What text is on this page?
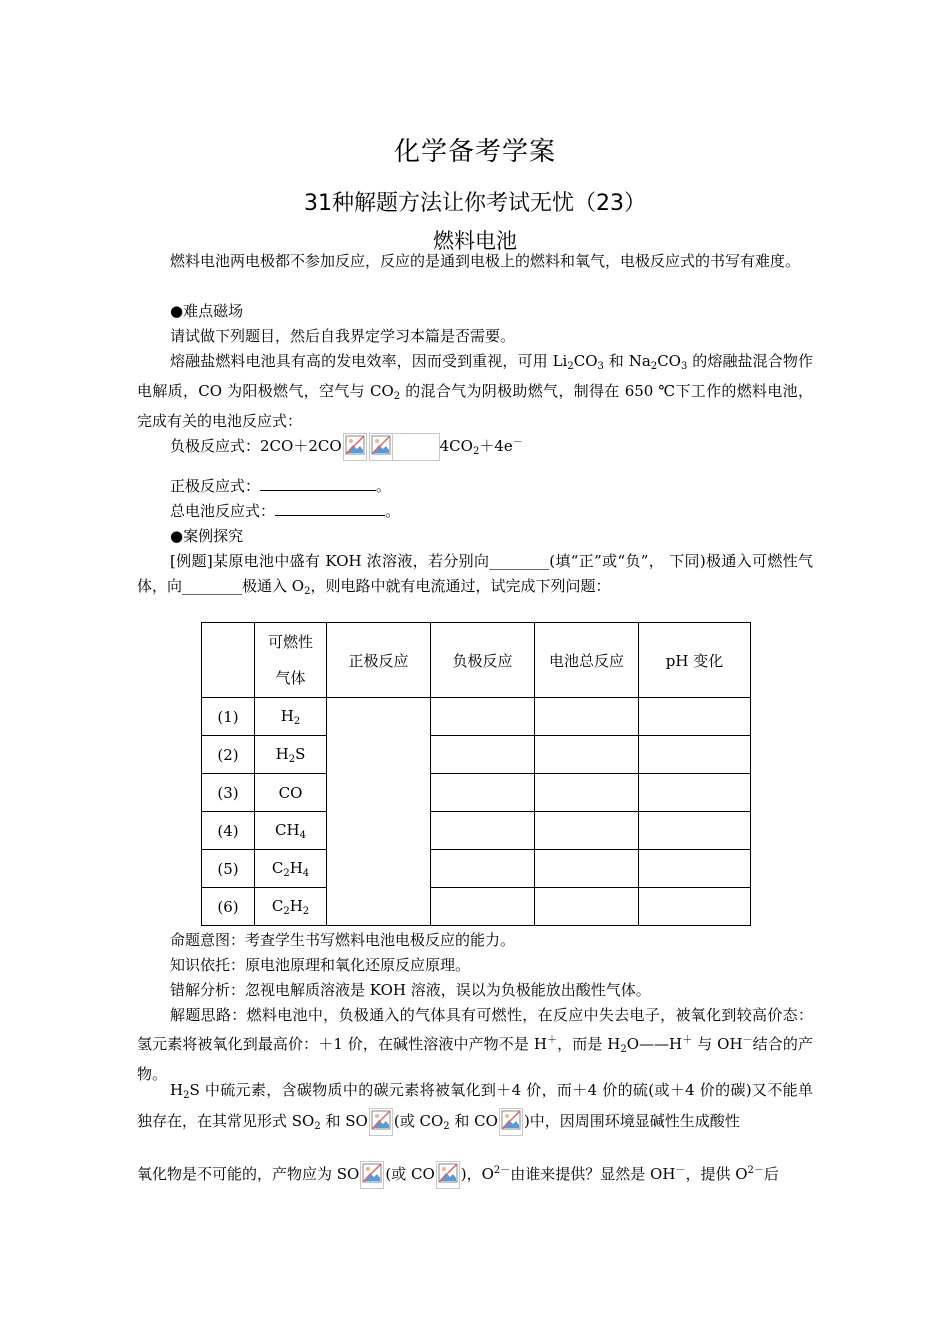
化学备考学案
31种解题方法让你考试无忧（23）
燃料电池
燃料电池两电极都不参加反应，反应的是通到电极上的燃料和氧气，电极反应式的书写有难度。
●难点磁场
请试做下列题目，然后自我界定学习本篇是否需要。
熔融盐燃料电池具有高的发电效率，因而受到重视，可用 $Li_2CO_3$ 和 $Na_2CO_3$ 的熔融盐混合物作电解质，CO 为阳极燃气，空气与 $CO_2$ 的混合气为阴极助燃气，制得在 650 ℃下工作的燃料电池，完成有关的电池反应式：
负极反应式：2CO＋2CO	$4CO_2+4e^-$
正极反应式：	。
总电池反应式：	。
●案例探究
[例题]某原电池中盛有 KOH 浓溶液，若分别向________(填“正”或“负”， 下同)极通入可燃性气体，向________极通入 $O_2$，则电路中就有电流通过，试完成下列问题：

	可燃性
气体	正极反应	负极反应	电池总反应	pH 变化
(1)	$H_2$				
(2)	$H_2S$				
(3)	CO				
(4)	$CH_4$			
(5)	$C_2H_4$			
(6)	$C_2H_2$			
命题意图：考查学生书写燃料电池电极反应的能力。
知识依托：原电池原理和氧化还原反应原理。
错解分析：忽视电解质溶液是 KOH 溶液，误以为负极能放出酸性气体。
解题思路：燃料电池中，负极通入的气体具有可燃性，在反应中失去电子，被氧化到较高价态：氢元素将被氧化到最高价：＋1 价，在碱性溶液中产物不是 H＋，而是 $H_2O——H^+$ 与 OH－结合的产物。
$H_2S$ 中硫元素，含碳物质中的碳元素将被氧化到＋4 价，而＋4 价的硫(或＋4 价的碳)又不能单独存在，在其常见形式 $SO_2$ 和 SO (或 $CO_2$ 和 CO )中，因周围环境显碱性生成酸性
氧化物是不可能的，产物应为 SO (或 CO )，$O^{2-}$由谁来提供？显然是 OH－，提供 $O^{2-}$后
